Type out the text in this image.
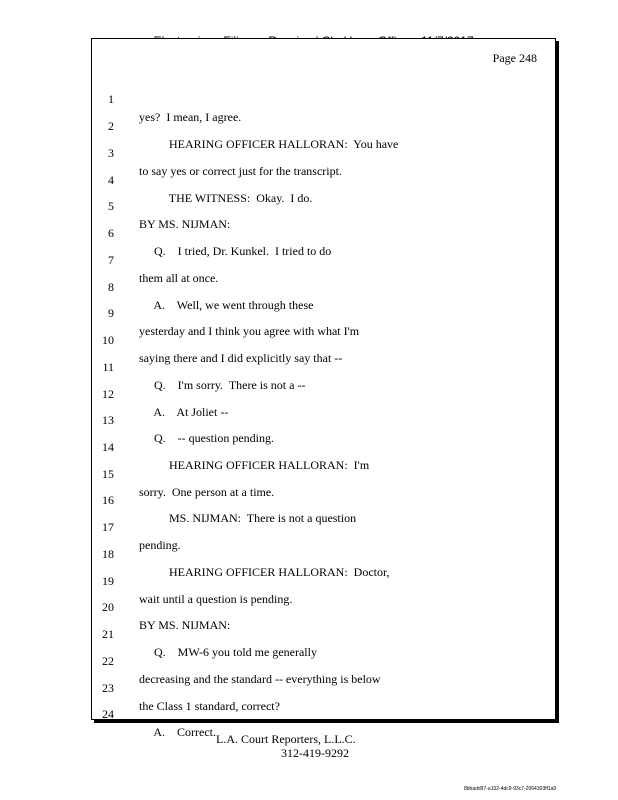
Page 248

1

yes?  I mean, I agree.

2

HEARING OFFICER HALLORAN:  You have

3

to say yes or correct just for the transcript.

4

THE WITNESS:  Okay.  I do.

5

BY MS. NIJMAN:

6

Q.    I tried, Dr. Kunkel.  I tried to do

7

them all at once.

8

A.    Well, we went through these

9

yesterday and I think you agree with what I'm

10

saying there and I did explicitly say that --

11

Q.    I'm sorry.  There is not a --

12

A.    At Joliet --

13

Q.    -- question pending.

14

HEARING OFFICER HALLORAN:  I'm

15

sorry.  One person at a time.

16

MS. NIJMAN:  There is not a question

17

pending.

18

HEARING OFFICER HALLORAN:  Doctor,

19

wait until a question is pending.

20

BY MS. NIJMAN:

21

Q.    MW-6 you told me generally

22

decreasing and the standard -- everything is below

23

the Class 1 standard, correct?

24

A.    Correct.

L.A. Court Reporters, L.L.C.
312-419-9292
8bbadd97-a102-4dc9-93c7-2064303ff1a9
